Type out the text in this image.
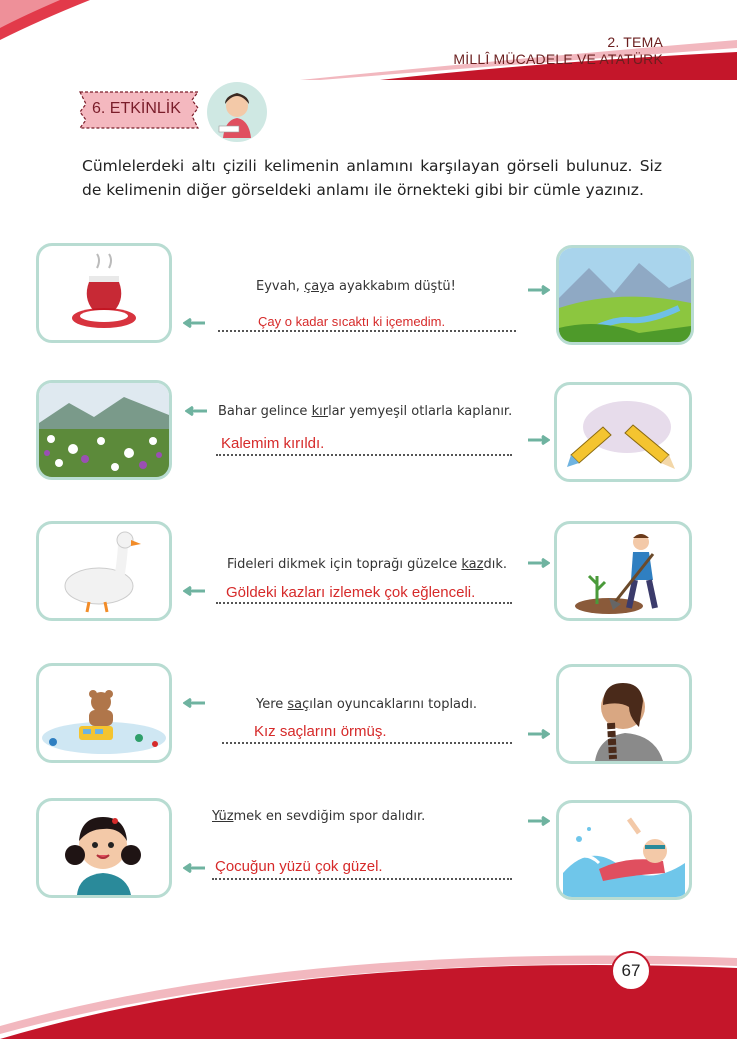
2. TEMA
MİLLÎ MÜCADELE VE ATATÜRK
6. ETKİNLİK
Cümlelerdeki altı çizili kelimenin anlamını karşılayan görseli bulunuz. Siz de kelimenin diğer görseldeki anlamı ile örnekteki gibi bir cümle yazınız.
Eyvah, çaya ayakkabım düştü!
Çay o kadar sıcaktı ki içemedim.
Bahar gelince kırlar yemyeşil otlarla kaplanır.
Kalemim kırıldı.
Fideleri dikmek için toprağı güzelce kazdık.
Göldeki kazları izlemek çok eğlenceli.
Yere saçılan oyuncaklarını topladı.
Kız saçlarını örmüş.
Yüzmek en sevdiğim spor dalıdır.
Çocuğun yüzü çok güzel.
67
